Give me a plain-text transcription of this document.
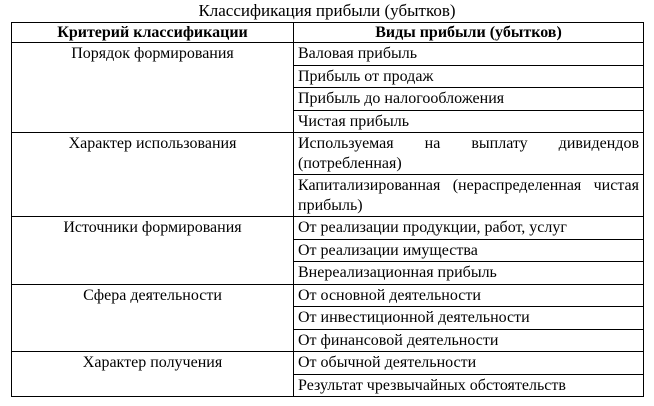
Классификация прибыли (убытков)
Критерий классификации	Виды прибыли (убытков)
Порядок формирования	Валовая прибыль
	Прибыль от продаж
	Прибыль до налогообложения
	Чистая прибыль
Характер использования	Используемая на выплату дивидендов (потребленная)
	Капитализированная (нераспределенная чистая прибыль)
Источники формирования	От реализации продукции, работ, услуг
	От реализации имущества
	Внереализационная прибыль
Сфера деятельности	От основной деятельности
	От инвестиционной деятельности
	От финансовой деятельности
Характер получения	От обычной деятельности
	Результат чрезвычайных обстоятельств
